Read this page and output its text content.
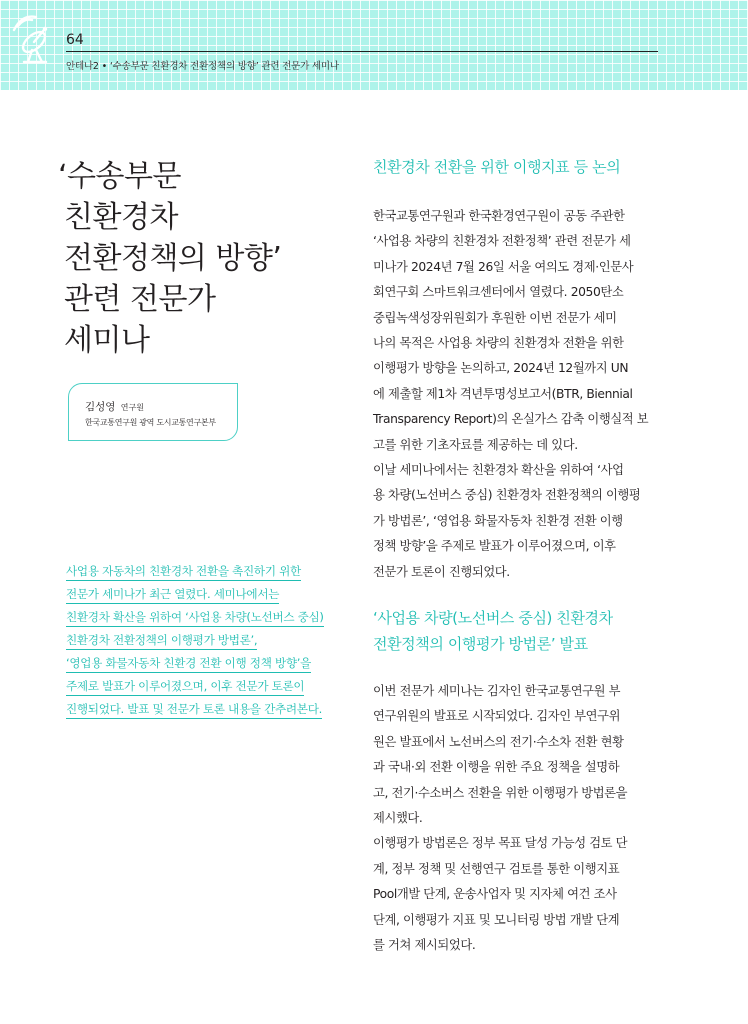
64
안테나2 • ‘수송부문 친환경차 전환정책의 방향’ 관련 전문가 세미나
‘수송부문
친환경차
전환정책의 방향’
관련 전문가
세미나
김성영 연구원
한국교통연구원 광역 도시교통연구본부
사업용 자동차의 친환경차 전환을 촉진하기 위한
전문가 세미나가 최근 열렸다. 세미나에서는
친환경차 확산을 위하여 ‘사업용 차량(노선버스 중심)
친환경차 전환정책의 이행평가 방법론’,
‘영업용 화물자동차 친환경 전환 이행 정책 방향’을
주제로 발표가 이루어졌으며, 이후 전문가 토론이
진행되었다. 발표 및 전문가 토론 내용을 간추려본다.
친환경차 전환을 위한 이행지표 등 논의
한국교통연구원과 한국환경연구원이 공동 주관한
‘사업용 차량의 친환경차 전환정책’ 관련 전문가 세
미나가 2024년 7월 26일 서울 여의도 경제·인문사
회연구회 스마트워크센터에서 열렸다. 2050탄소
중립녹색성장위원회가 후원한 이번 전문가 세미
나의 목적은 사업용 차량의 친환경차 전환을 위한
이행평가 방향을 논의하고, 2024년 12월까지 UN
에 제출할 제1차 격년투명성보고서(BTR, Biennial
Transparency Report)의 온실가스 감축 이행실적 보
고를 위한 기초자료를 제공하는 데 있다.
이날 세미나에서는 친환경차 확산을 위하여 ‘사업
용 차량(노선버스 중심) 친환경차 전환정책의 이행평
가 방법론’, ‘영업용 화물자동차 친환경 전환 이행
정책 방향’을 주제로 발표가 이루어졌으며, 이후
전문가 토론이 진행되었다.
‘사업용 차량(노선버스 중심) 친환경차
전환정책의 이행평가 방법론’ 발표
이번 전문가 세미나는 김자인 한국교통연구원 부
연구위원의 발표로 시작되었다. 김자인 부연구위
원은 발표에서 노선버스의 전기·수소차 전환 현황
과 국내·외 전환 이행을 위한 주요 정책을 설명하
고, 전기·수소버스 전환을 위한 이행평가 방법론을
제시했다.
이행평가 방법론은 정부 목표 달성 가능성 검토 단
계, 정부 정책 및 선행연구 검토를 통한 이행지표
Pool개발 단계, 운송사업자 및 지자체 여건 조사
단계, 이행평가 지표 및 모니터링 방법 개발 단계
를 거쳐 제시되었다.
